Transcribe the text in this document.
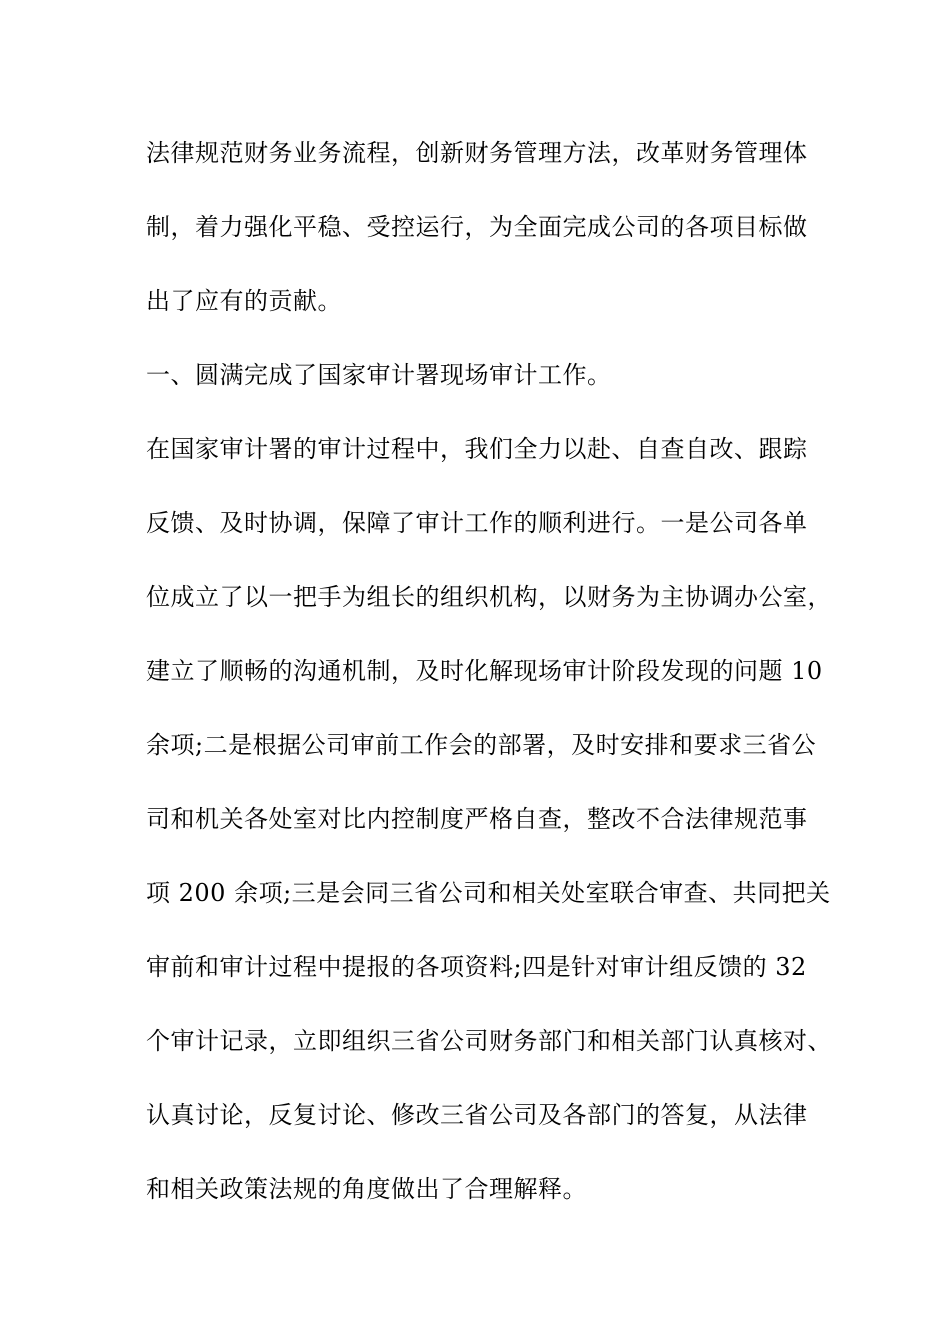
法律规范财务业务流程，创新财务管理方法，改革财务管理体
制，着力强化平稳、受控运行，为全面完成公司的各项目标做
出了应有的贡献。
一、圆满完成了国家审计署现场审计工作。
在国家审计署的审计过程中，我们全力以赴、自查自改、跟踪
反馈、及时协调，保障了审计工作的顺利进行。一是公司各单
位成立了以一把手为组长的组织机构，以财务为主协调办公室，
建立了顺畅的沟通机制，及时化解现场审计阶段发现的问题 10
余项;二是根据公司审前工作会的部署，及时安排和要求三省公
司和机关各处室对比内控制度严格自查，整改不合法律规范事
项 200 余项;三是会同三省公司和相关处室联合审查、共同把关
审前和审计过程中提报的各项资料;四是针对审计组反馈的 32
个审计记录，立即组织三省公司财务部门和相关部门认真核对、
认真讨论，反复讨论、修改三省公司及各部门的答复，从法律
和相关政策法规的角度做出了合理解释。
